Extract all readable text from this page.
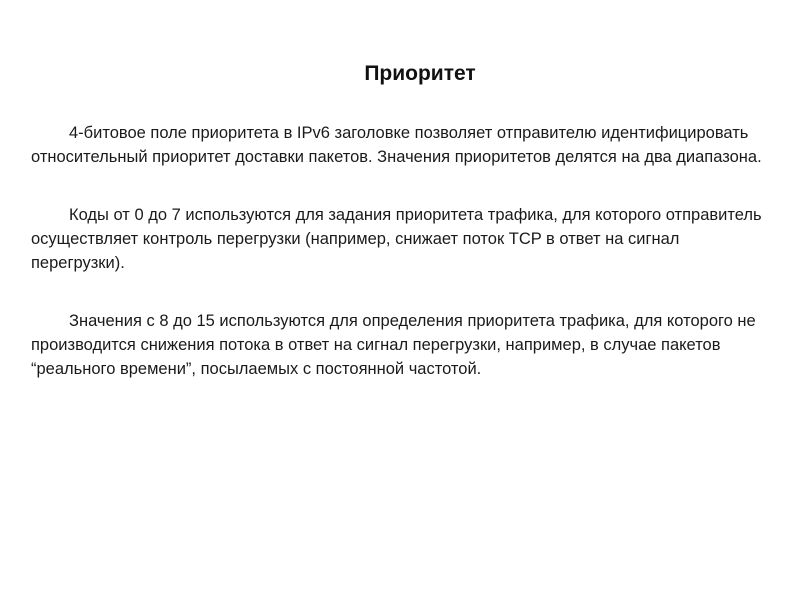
Приоритет

4-битовое поле приоритета в IPv6 заголовке позволяет отправителю идентифицировать относительный приоритет доставки пакетов. Значения приоритетов делятся на два диапазона.

Коды от 0 до 7 используются для задания приоритета трафика, для которого отправитель осуществляет контроль перегрузки (например, снижает поток TCP в ответ на сигнал перегрузки).

Значения с 8 до 15 используются для определения приоритета трафика, для которого не производится снижения потока в ответ на сигнал перегрузки, например, в случае пакетов “реального времени”, посылаемых с постоянной частотой.
